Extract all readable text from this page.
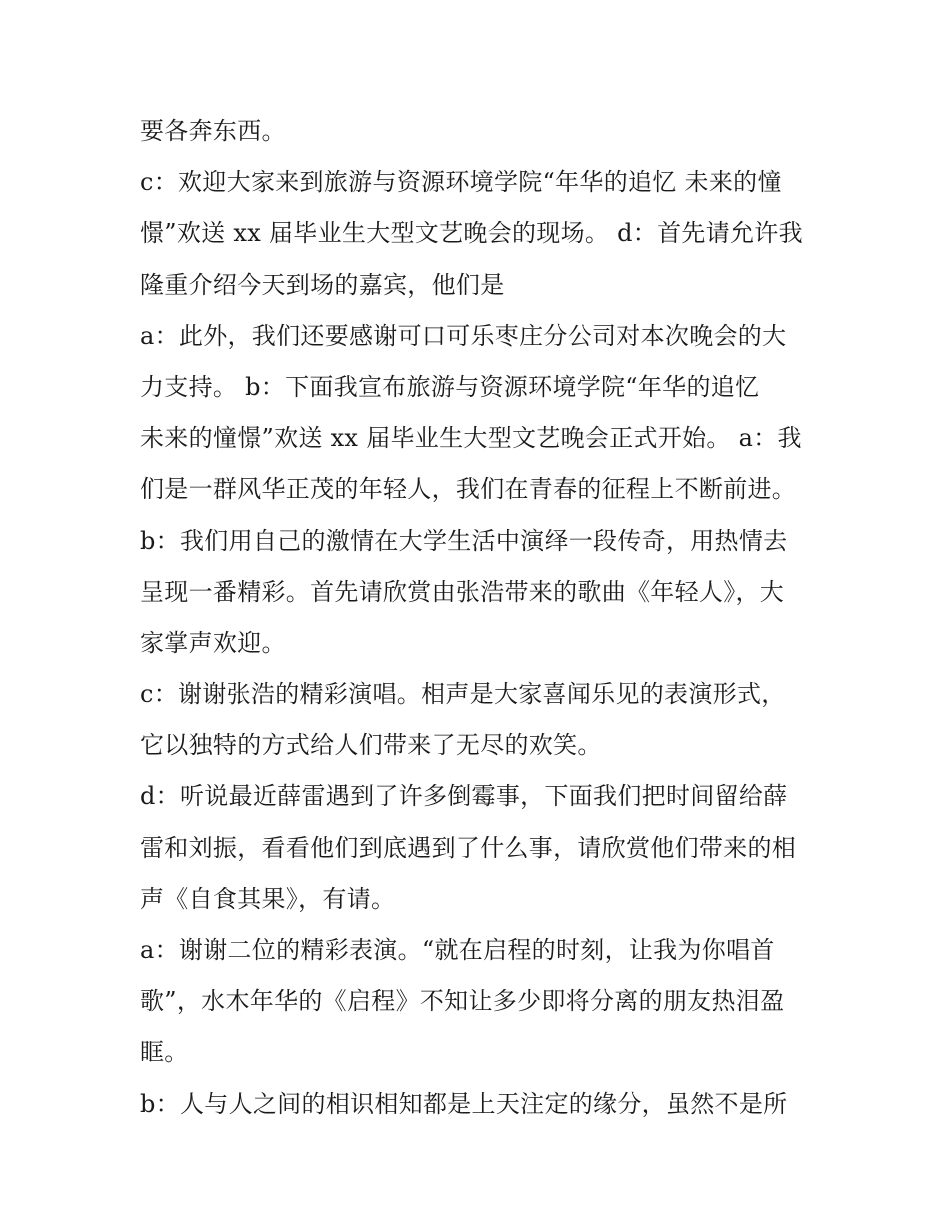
要各奔东西。
c：欢迎大家来到旅游与资源环境学院“年华的追忆 未来的憧
憬”欢送 xx 届毕业生大型文艺晚会的现场。 d：首先请允许我
隆重介绍今天到场的嘉宾，他们是
a：此外，我们还要感谢可口可乐枣庄分公司对本次晚会的大
力支持。 b：下面我宣布旅游与资源环境学院“年华的追忆
未来的憧憬”欢送 xx 届毕业生大型文艺晚会正式开始。 a：我
们是一群风华正茂的年轻人，我们在青春的征程上不断前进。
b：我们用自己的激情在大学生活中演绎一段传奇，用热情去
呈现一番精彩。首先请欣赏由张浩带来的歌曲《年轻人》，大
家掌声欢迎。
c：谢谢张浩的精彩演唱。相声是大家喜闻乐见的表演形式，
它以独特的方式给人们带来了无尽的欢笑。
d：听说最近薛雷遇到了许多倒霉事，下面我们把时间留给薛
雷和刘振，看看他们到底遇到了什么事，请欣赏他们带来的相
声《自食其果》，有请。
a：谢谢二位的精彩表演。“就在启程的时刻，让我为你唱首
歌”，水木年华的《启程》不知让多少即将分离的朋友热泪盈
眶。
b：人与人之间的相识相知都是上天注定的缘分，虽然不是所
